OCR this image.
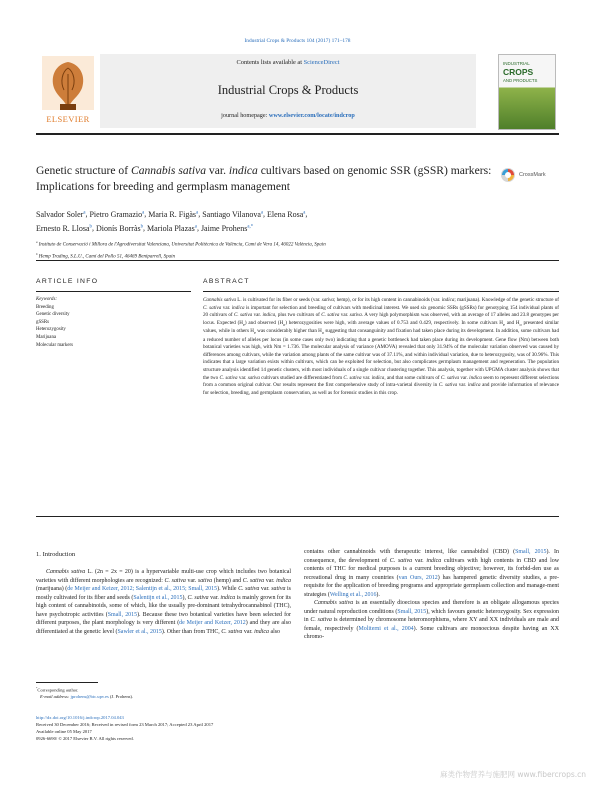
Industrial Crops & Products 104 (2017) 171–178
ELSEVIER
Contents lists available at ScienceDirect
Industrial Crops & Products
journal homepage: www.elsevier.com/locate/indcrop
INDUSTRIAL
CROPS
AND PRODUCTS
Genetic structure of Cannabis sativa var. indica cultivars based on genomic SSR (gSSR) markers: Implications for breeding and germplasm management
CrossMark
Salvador Soler$^a$, Pietro Gramazio$^a$, Maria R. Figàs$^a$, Santiago Vilanova$^a$, Elena Rosa$^a$,
Ernesto R. Llosa$^b$, Dionís Borràs$^b$, Mariola Plazas$^a$, Jaime Prohens$^{a,*}$
$^a$ Instituto de Conservació i Millora de l'Agrodiversitat Valenciana, Universitat Politècnica de València, Camí de Vera 14, 46022 València, Spain
$^b$ Hemp Trading, S.L.U., Camí del Pollo 51, 46469 Beniparrell, Spain
ARTICLE INFO	ABSTRACT
Keywords:
Breeding
Genetic diversity
gSSRs
Heterozygosity
Marijuana
Molecular markers
Cannabis sativa L. is cultivated for its fiber or seeds (var. sativa; hemp), or for its high content in cannabinoids (var. indica; marijuana). Knowledge of the genetic structure of C. sativa var. indica is important for selection and breeding of cultivars with medicinal interest. We used six genomic SSRs (gSSRs) for genotyping 154 individual plants of 20 cultivars of C. sativa var. indica, plus two cultivars of C. sativa var. sativa. A very high polymorphism was observed, with an average of 17 alleles and 23.8 genotypes per locus. Expected $(H_e)$ and observed $(H_o)$ heterozygosities were high, with average values of 0.753 and 0.429, respectively. In some cultivars $H_e$ and $H_o$ presented similar values, while in others $H_e$ was considerably higher than $H_o$ suggesting that consanguinity and fixation had taken place during its development. In addition, some cultivars had a reduced number of alleles per locus (in some cases only two) indicating that a genetic bottleneck had taken place during its development. Gene flow (Nm) between both botanical varieties was high, with Nm = 1.736. The molecular analysis of variance (AMOVA) revealed that only 31.94% of the molecular variation observed was caused by differences among cultivars, while the variation among plants of the same cultivar was of 37.11%, and within individual variation, due to heterozygosity, was of 30.96%. This indicates that a large variation exists within cultivars, which can be exploited for selection, but also complicates germplasm management and regeneration. The population structure analysis identified 14 genetic clusters, with most individuals of a single cultivar clustering together. This analysis, together with UPGMA cluster analysis shows that the two C. sativa var. sativa cultivars studied are differentiated from C. sativa var. indica, and that some cultivars of C. sativa var. indica seem to represent different selections from a common original cultivar. Our results represent the first comprehensive study of intra-varietal diversity in C. sativa var. indica and provide information of relevance for selection, breeding, and germplasm conservation, as well as for forensic studies in this crop.
1. Introduction

Cannabis sativa L. (2n = 2x = 20) is a hypervariable multi-use crop which includes two botanical varieties with different morphologies are recognized: C. sativa var. sativa (hemp) and C. sativa var. indica (marijuana) (de Meijer and Keizer, 2012; Salentijn et al., 2015; Small, 2015). While C. sativa var. sativa is mostly cultivated for its fiber and seeds (Salentijn et al., 2015), C. sativa var. indica is mainly grown for its high content of cannabinoids, some of which, like the usually pre-dominant tetrahydrocannabinol (THC), have psychotropic activities (Small, 2015). Because these two botanical varieties have been selected for different purposes, the plant morphology is very different (de Meijer and Keizer, 2012) and they are also differentiated at the genetic level (Sawler et al., 2015). Other than from THC, C. sativa var. indica also

contains other cannabinoids with therapeutic interest, like cannabidiol (CBD) (Small, 2015). In consequence, the development of C. sativa var. indica cultivars with high contents in CBD and low contents of THC for medical purposes is a current breeding objective; however, its forbid-den use as recreational drug in many countries (van Ours, 2012) has hampered genetic diversity studies, a pre-requisite for the application of breeding programs and appropriate germplasm collection and manage-ment strategies (Welling et al., 2016).

Cannabis sativa is an essentially dioecious species and therefore is an obligate allogamous species under natural reproduction conditions (Small, 2015), which favours genetic heterozygosity. Sex expression in C. sativa is determined by chromosome heteromorphisms, where XY and XX individuals are male and female, respectively (Moliterni et al., 2004). Some cultivars are monoecious despite having an XX chromo-

*Corresponding author.
E-mail address: jprohens@btc.upv.es (J. Prohens).
http://dx.doi.org/10.1016/j.indcrop.2017.04.043
Received 30 December 2016; Received in revised form 23 March 2017; Accepted 23 April 2017
Available online 05 May 2017
0926-6690/ © 2017 Elsevier B.V. All rights reserved.
麻类作物营养与施肥网 www.fibercrops.cn
